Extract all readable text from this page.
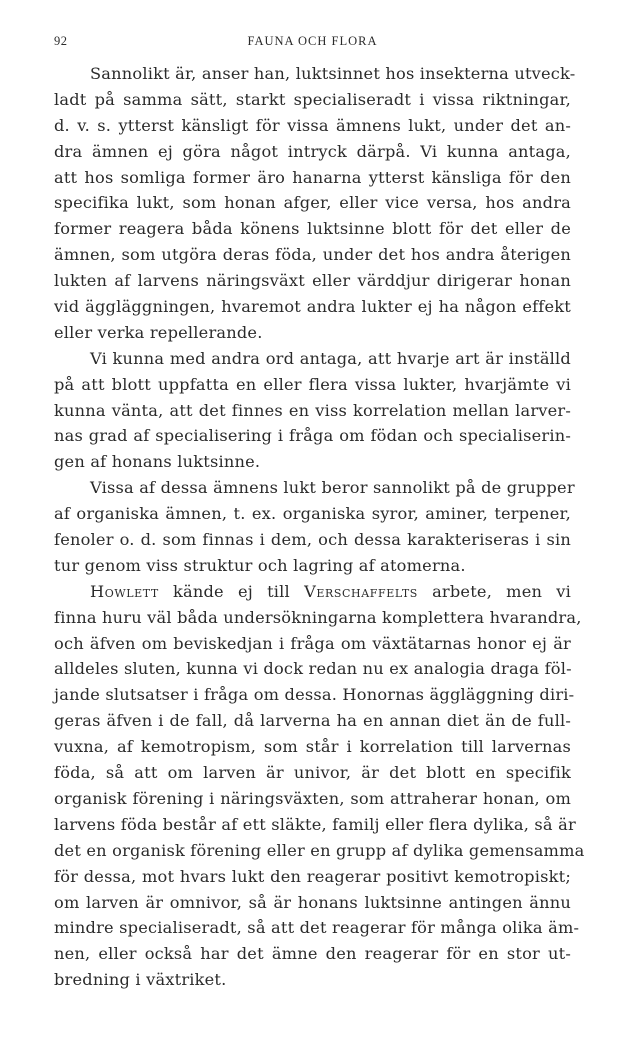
92	FAUNA OCH FLORA
Sannolikt är, anser han, luktsinnet hos insekterna utveck-
ladt på samma sätt, starkt specialiseradt i vissa riktningar,
d. v. s. ytterst känsligt för vissa ämnens lukt, under det an-
dra ämnen ej göra något intryck därpå. Vi kunna antaga,
att hos somliga former äro hanarna ytterst känsliga för den
specifika lukt, som honan afger, eller vice versa, hos andra
former reagera båda könens luktsinne blott för det eller de
ämnen, som utgöra deras föda, under det hos andra återigen
lukten af larvens näringsväxt eller värddjur dirigerar honan
vid äggläggningen, hvaremot andra lukter ej ha någon effekt
eller verka repellerande.
Vi kunna med andra ord antaga, att hvarje art är inställd
på att blott uppfatta en eller flera vissa lukter, hvarjämte vi
kunna vänta, att det finnes en viss korrelation mellan larver-
nas grad af specialisering i fråga om födan och specialiserin-
gen af honans luktsinne.
Vissa af dessa ämnens lukt beror sannolikt på de grupper
af organiska ämnen, t. ex. organiska syror, aminer, terpener,
fenoler o. d. som finnas i dem, och dessa karakteriseras i sin
tur genom viss struktur och lagring af atomerna.
Howlett kände ej till Verschaffelts arbete, men vi
finna huru väl båda undersökningarna komplettera hvarandra,
och äfven om beviskedjan i fråga om växtätarnas honor ej är
alldeles sluten, kunna vi dock redan nu ex analogia draga föl-
jande slutsatser i fråga om dessa. Honornas äggläggning diri-
geras äfven i de fall, då larverna ha en annan diet än de full-
vuxna, af kemotropism, som står i korrelation till larvernas
föda, så att om larven är univor, är det blott en specifik
organisk förening i näringsväxten, som attraherar honan, om
larvens föda består af ett släkte, familj eller flera dylika, så är
det en organisk förening eller en grupp af dylika gemensamma
för dessa, mot hvars lukt den reagerar positivt kemotropiskt;
om larven är omnivor, så är honans luktsinne antingen ännu
mindre specialiseradt, så att det reagerar för många olika äm-
nen, eller också har det ämne den reagerar för en stor ut-
bredning i växtriket.
